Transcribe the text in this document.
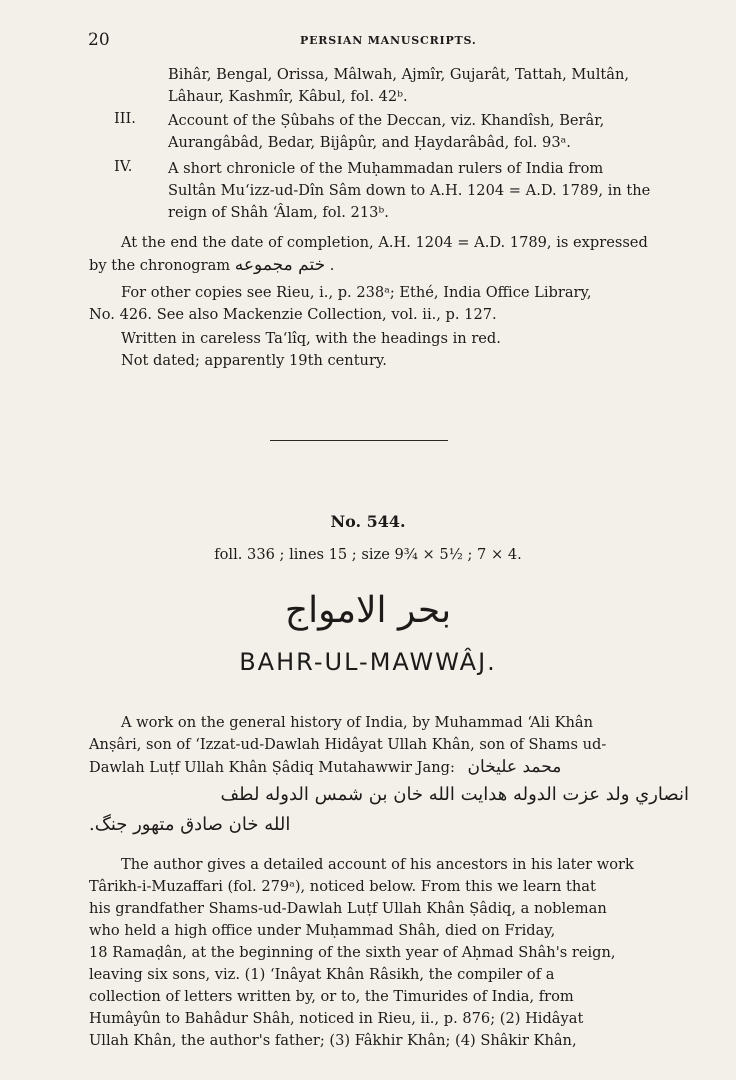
20	PERSIAN MANUSCRIPTS.
Bihâr, Bengal, Orissa, Mâlwah, Ajmîr, Gujarât, Tattah, Multân,
Lâhaur, Kashmîr, Kâbul, fol. 42ᵇ.
III.	Account of the Ṣûbahs of the Deccan, viz. Khandîsh, Berâr,
Aurangâbâd, Bedar, Bijâpûr, and Ḥaydarâbâd, fol. 93ᵃ.
IV.	A short chronicle of the Muḥammadan rulers of India from
Sultân Mu‘izz-ud-Dîn Sâm down to A.H. 1204 = A.D. 1789, in the
reign of Shâh ‘Âlam, fol. 213ᵇ.
At the end the date of completion, A.H. 1204 = A.D. 1789, is expressed
by the chronogram ختم مجموعه .
For other copies see Rieu, i., p. 238ᵃ; Ethé, India Office Library,
No. 426. See also Mackenzie Collection, vol. ii., p. 127.
Written in careless Ta‘lîq, with the headings in red.
Not dated; apparently 19th century.
No. 544.
foll. 336 ; lines 15 ; size 9¾ × 5½ ; 7 × 4.
بحر الامواج
BAHR-UL-MAWWÂJ.
A work on the general history of India, by Muhammad ‘Ali Khân
Anṣâri, son of ‘Izzat-ud-Dawlah Hidâyat Ullah Khân, son of Shams ud-
Dawlah Luṭf Ullah Khân Ṣâdiq Mutahawwir Jang: محمد عليخان
انصاري ولد عزت الدوله هدايت الله خان بن شمس الدوله لطف
الله خان صادق متهور جنگ.
The author gives a detailed account of his ancestors in his later work
Târikh-i-Muzaffari (fol. 279ᵃ), noticed below. From this we learn that
his grandfather Shams-ud-Dawlah Luṭf Ullah Khân Ṣâdiq, a nobleman
who held a high office under Muḥammad Shâh, died on Friday,
18 Ramaḍân, at the beginning of the sixth year of Aḥmad Shâh's reign,
leaving six sons, viz. (1) ‘Inâyat Khân Râsikh, the compiler of a
collection of letters written by, or to, the Timurides of India, from
Humâyûn to Bahâdur Shâh, noticed in Rieu, ii., p. 876; (2) Hidâyat
Ullah Khân, the author's father; (3) Fâkhir Khân; (4) Shâkir Khân,
